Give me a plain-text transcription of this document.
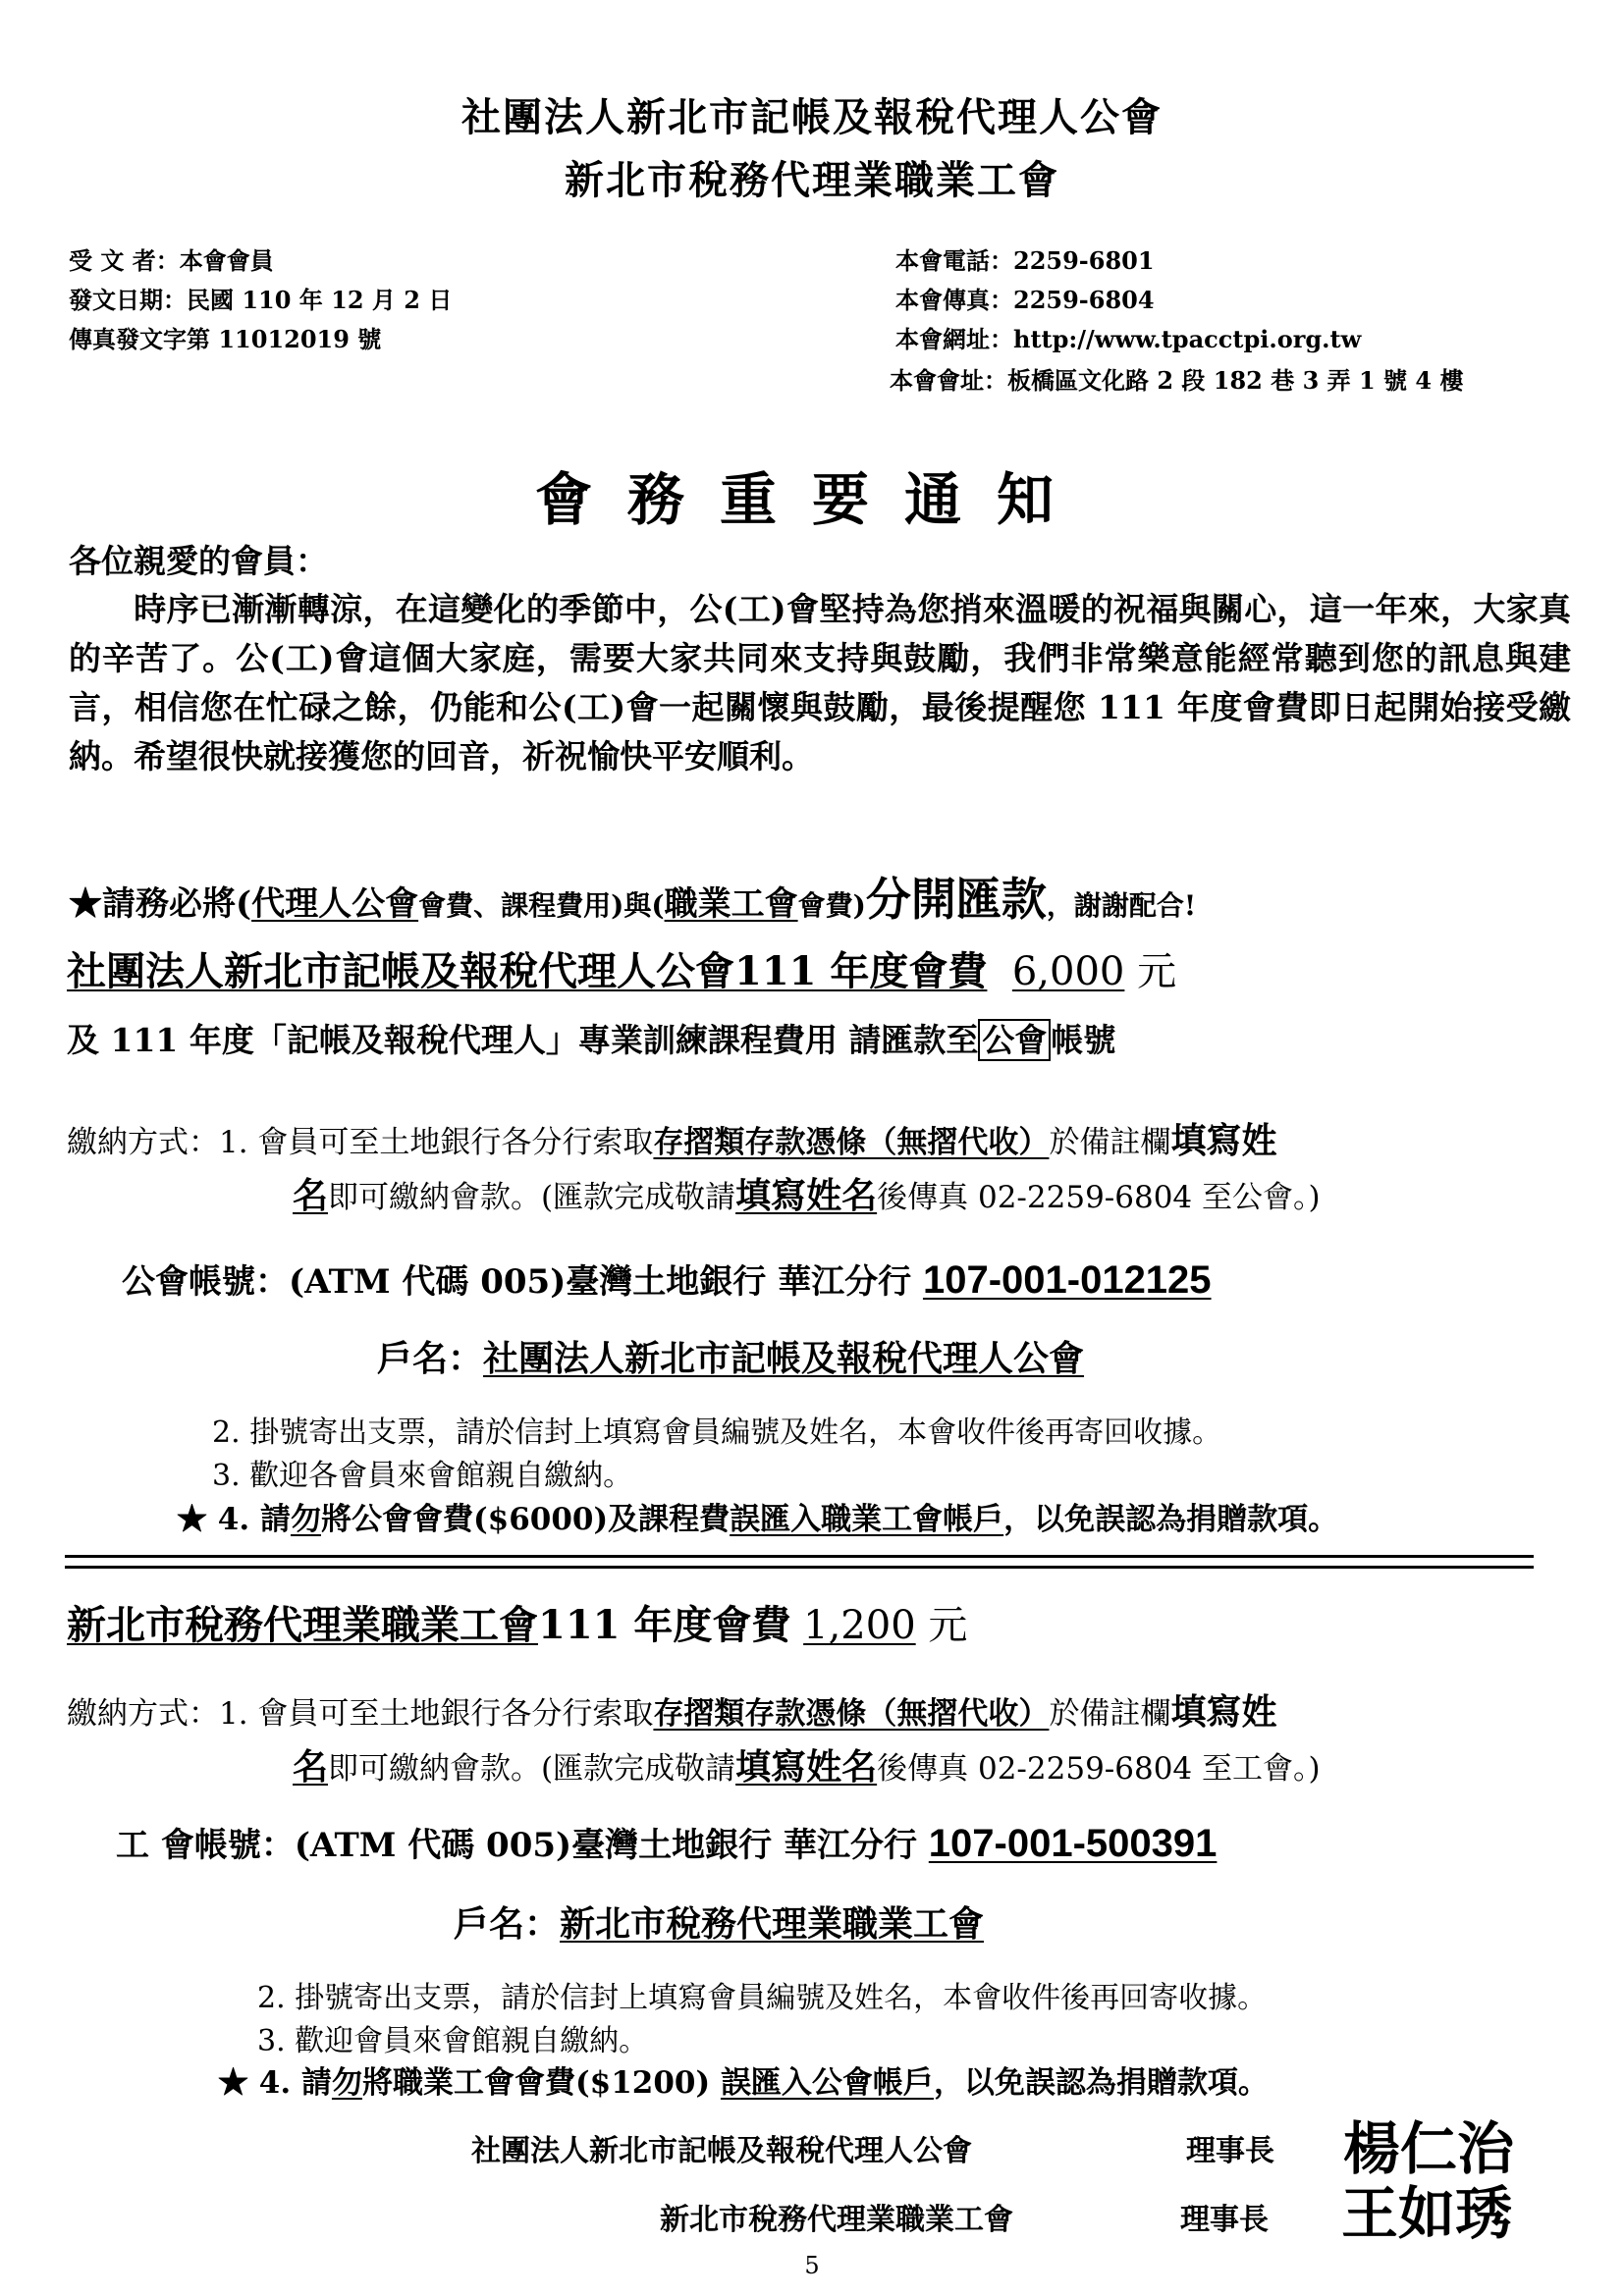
社團法人新北市記帳及報稅代理人公會
新北市稅務代理業職業工會
受 文 者：本會會員
發文日期：民國 110 年 12 月 2 日
傳真發文字第 11012019 號
本會電話：2259-6801
本會傳真：2259-6804
本會網址：http://www.tpacctpi.org.tw
本會會址：板橋區文化路 2 段 182 巷 3 弄 1 號 4 樓
會務重要通知
各位親愛的會員：
時序已漸漸轉涼，在這變化的季節中，公(工)會堅持為您捎來溫暖的祝福與關心，這一年來，大家真的辛苦了。公(工)會這個大家庭，需要大家共同來支持與鼓勵，我們非常樂意能經常聽到您的訊息與建言，相信您在忙碌之餘，仍能和公(工)會一起關懷與鼓勵，最後提醒您 111 年度會費即日起開始接受繳納。希望很快就接獲您的回音，祈祝愉快平安順利。
★請務必將(代理人公會會費、課程費用)與(職業工會會費)分開匯款，謝謝配合!
社團法人新北市記帳及報稅代理人公會111 年度會費 6,000 元
及 111 年度「記帳及報稅代理人」專業訓練課程費用 請匯款至 公會 帳號
繳納方式：1. 會員可至土地銀行各分行索取存摺類存款憑條（無摺代收）於備註欄填寫姓
名即可繳納會款。(匯款完成敬請填寫姓名後傳真 02-2259-6804 至公會。)
公會帳號：(ATM 代碼 005)臺灣土地銀行 華江分行 107-001-012125
戶名：社團法人新北市記帳及報稅代理人公會
2. 掛號寄出支票，請於信封上填寫會員編號及姓名，本會收件後再寄回收據。
3. 歡迎各會員來會館親自繳納。
★ 4. 請勿將公會會費($6000)及課程費誤匯入職業工會帳戶，以免誤認為捐贈款項。
新北市稅務代理業職業工會111 年度會費 1,200 元
繳納方式：1. 會員可至土地銀行各分行索取存摺類存款憑條（無摺代收）於備註欄填寫姓
名即可繳納會款。(匯款完成敬請填寫姓名後傳真 02-2259-6804 至工會。)
工 會帳號：(ATM 代碼 005)臺灣土地銀行 華江分行 107-001-500391
戶名：新北市稅務代理業職業工會
2. 掛號寄出支票，請於信封上填寫會員編號及姓名，本會收件後再回寄收據。
3. 歡迎會員來會館親自繳納。
★ 4. 請勿將職業工會會費($1200) 誤匯入公會帳戶，以免誤認為捐贈款項。
社團法人新北市記帳及報稅代理人公會	理事長 楊仁治
新北市稅務代理業職業工會	理事長 王如琇
5
